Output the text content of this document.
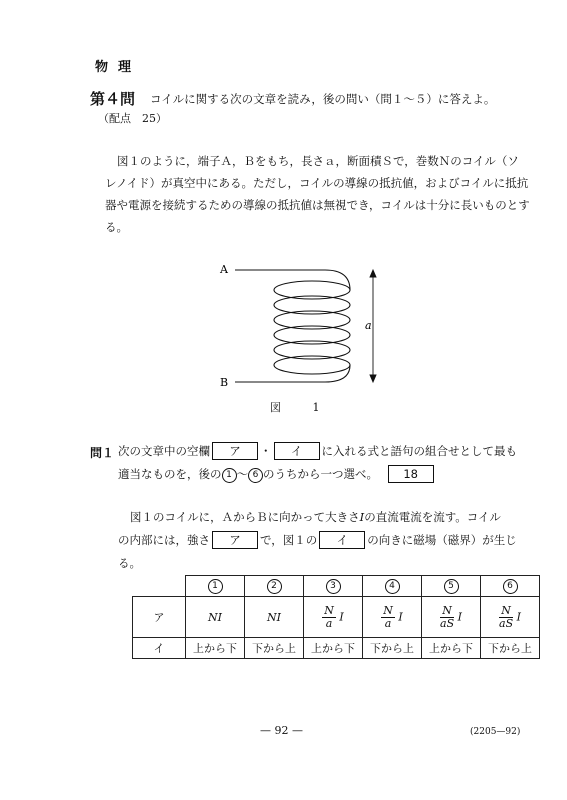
物理
第４問 コイルに関する次の文章を読み，後の問い（問１～５）に答えよ。
（配点　25）
図１のように，端子Ａ，Ｂをもち，長さａ，断面積Ｓで，巻数Ｎのコイル（ソレノイド）が真空中にある。ただし，コイルの導線の抵抗値，およびコイルに抵抗器や電源を接続するための導線の抵抗値は無視でき，コイルは十分に長いものとする。
A
B
a
図 1
問１ 次の文章中の空欄 ア ・ イ に入れる式と語句の組合せとして最も
適当なものを，後の 1 ～ 6 のうちから一つ選べ。 18
図１のコイルに，ＡからＢに向かって大きさIの直流電流を流す。コイル
の内部には，強さ ア で，図１の イ の向きに磁場（磁界）が生じる。
	1	2	3	4	5	6
ア	NI	NI	$\frac{N}{a}$ I	$\frac{N}{a}$ I	$\frac{N}{aS}$ I	$\frac{N}{aS}$ I
イ	上から下	下から上	上から下	下から上	上から下	下から上
— 92 —	(2205—92)
